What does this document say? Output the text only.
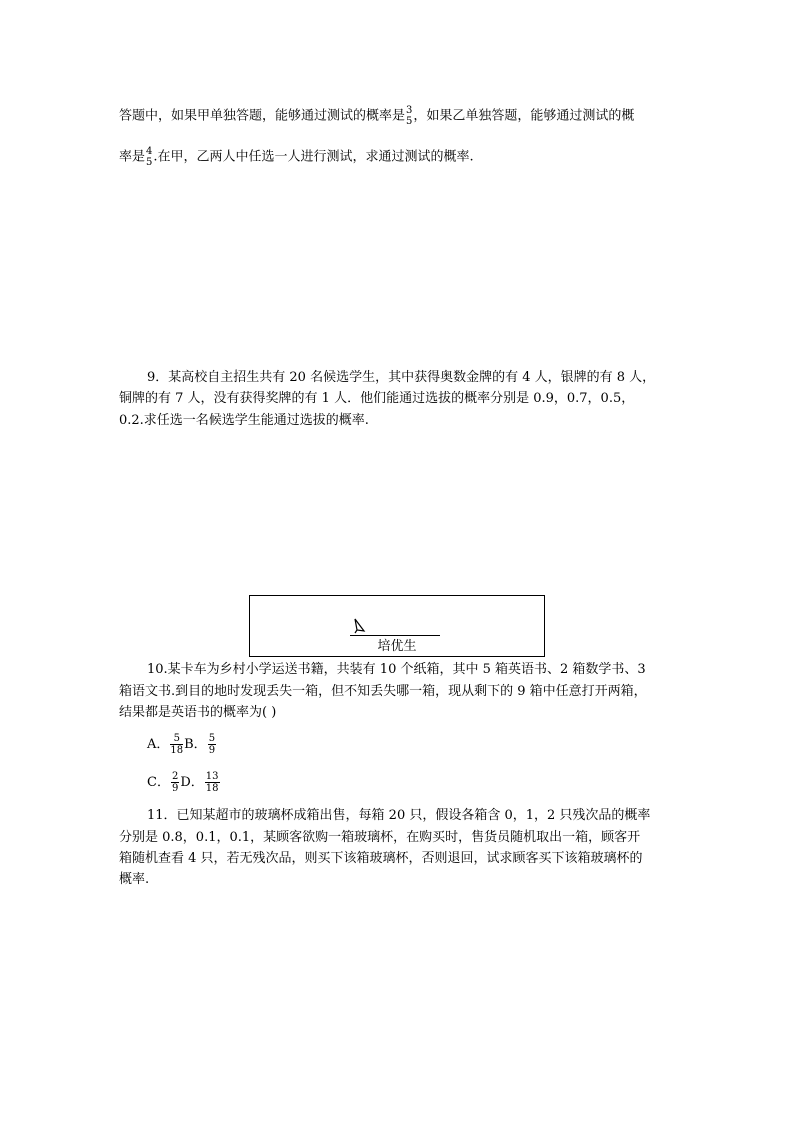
答题中，如果甲单独答题，能够通过测试的概率是 3
5 ，如果乙单独答题，能够通过测试的概
率是 4
5 .在甲，乙两人中任选一人进行测试，求通过测试的概率.
9．某高校自主招生共有 20 名候选学生，其中获得奥数金牌的有 4 人，银牌的有 8 人，
铜牌的有 7 人，没有获得奖牌的有 1 人．他们能通过选拔的概率分别是 0.9，0.7，0.5，
0.2.求任选一名候选学生能通过选拔的概率.
培优生
10.某卡车为乡村小学运送书籍，共装有 10 个纸箱，其中 5 箱英语书、2 箱数学书、3
箱语文书.到目的地时发现丢失一箱，但不知丢失哪一箱，现从剩下的 9 箱中任意打开两箱，
结果都是英语书的概率为( )
A． $\frac{5}{18}$ B． $\frac{5}{9}$
C． $\frac{2}{9}$ D． $\frac{13}{18}$
11．已知某超市的玻璃杯成箱出售，每箱 20 只，假设各箱含 0，1，2 只残次品的概率
分别是 0.8，0.1，0.1，某顾客欲购一箱玻璃杯，在购买时，售货员随机取出一箱，顾客开
箱随机查看 4 只，若无残次品，则买下该箱玻璃杯，否则退回，试求顾客买下该箱玻璃杯的
概率.
